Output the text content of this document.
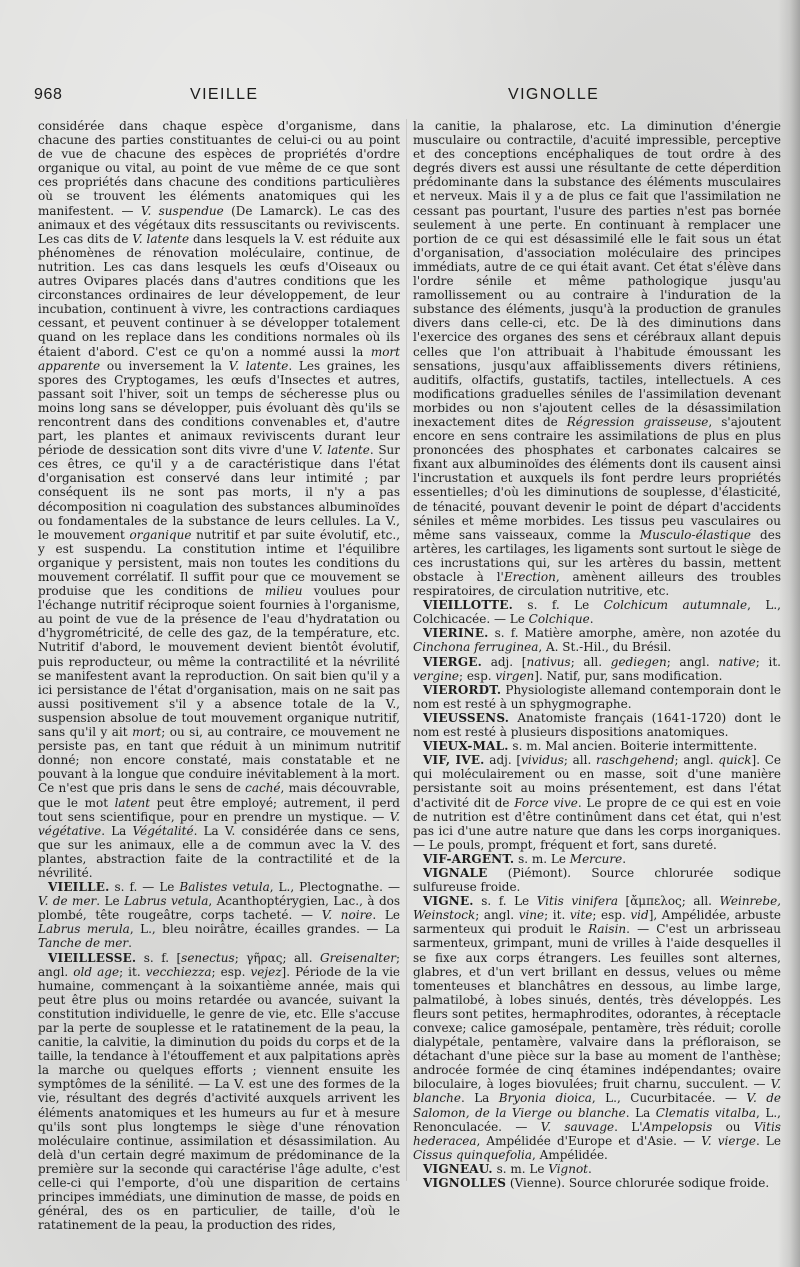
968	VIEILLE	VIGNOLLE

considérée dans chaque espèce d'organisme, dans chacune des parties constituantes de celui-ci ou au point de vue de chacune des espèces de propriétés d'ordre organique ou vital, au point de vue même de ce que sont ces propriétés dans chacune des conditions particulières où se trouvent les éléments anatomiques qui les manifestent. — V. suspendue (De Lamarck). Le cas des animaux et des végétaux dits ressuscitants ou reviviscents. Les cas dits de V. latente dans lesquels la V. est réduite aux phénomènes de rénovation moléculaire, continue, de nutrition. Les cas dans lesquels les œufs d'Oiseaux ou autres Ovipares placés dans d'autres conditions que les circonstances ordinaires de leur développement, de leur incubation, continuent à vivre, les contractions cardiaques cessant, et peuvent continuer à se développer totalement quand on les replace dans les conditions normales où ils étaient d'abord. C'est ce qu'on a nommé aussi la mort apparente ou inversement la V. latente. Les graines, les spores des Cryptogames, les œufs d'Insectes et autres, passant soit l'hiver, soit un temps de sécheresse plus ou moins long sans se développer, puis évoluant dès qu'ils se rencontrent dans des conditions convenables et, d'autre part, les plantes et animaux reviviscents durant leur période de dessication sont dits vivre d'une V. latente. Sur ces êtres, ce qu'il y a de caractéristique dans l'état d'organisation est conservé dans leur intimité ; par conséquent ils ne sont pas morts, il n'y a pas décomposition ni coagulation des substances albuminoïdes ou fondamentales de la substance de leurs cellules. La V., le mouvement organique nutritif et par suite évolutif, etc., y est suspendu. La constitution intime et l'équilibre organique y persistent, mais non toutes les conditions du mouvement corrélatif. Il suffit pour que ce mouvement se produise que les conditions de milieu voulues pour l'échange nutritif réciproque soient fournies à l'organisme, au point de vue de la présence de l'eau d'hydratation ou d'hygrométricité, de celle des gaz, de la température, etc. Nutritif d'abord, le mouvement devient bientôt évolutif, puis reproducteur, ou même la contractilité et la névrilité se manifestent avant la reproduction. On sait bien qu'il y a ici persistance de l'état d'organisation, mais on ne sait pas aussi positivement s'il y a absence totale de la V., suspension absolue de tout mouvement organique nutritif, sans qu'il y ait mort; ou si, au contraire, ce mouvement ne persiste pas, en tant que réduit à un minimum nutritif donné; non encore constaté, mais constatable et ne pouvant à la longue que conduire inévitablement à la mort. Ce n'est que pris dans le sens de caché, mais découvrable, que le mot latent peut être employé; autrement, il perd tout sens scientifique, pour en prendre un mystique. — V. végétative. La Végétalité. La V. considérée dans ce sens, que sur les animaux, elle a de commun avec la V. des plantes, abstraction faite de la contractilité et de la névrilité.

VIEILLE. s. f. — Le Balistes vetula, L., Plectognathe. — V. de mer. Le Labrus vetula, Acanthoptérygien, Lac., à dos plombé, tête rougeâtre, corps tacheté. — V. noire. Le Labrus merula, L., bleu noirâtre, écailles grandes. — La Tanche de mer.

VIEILLESSE. s. f. [senectus; γῆρας; all. Greisenalter; angl. old age; it. vecchiezza; esp. vejez]. Période de la vie humaine, commençant à la soixantième année, mais qui peut être plus ou moins retardée ou avancée, suivant la constitution individuelle, le genre de vie, etc. Elle s'accuse par la perte de souplesse et le ratatinement de la peau, la canitie, la calvitie, la diminution du poids du corps et de la taille, la tendance à l'étouffement et aux palpitations après la marche ou quelques efforts ; viennent ensuite les symptômes de la sénilité. — La V. est une des formes de la vie, résultant des degrés d'activité auxquels arrivent les éléments anatomiques et les humeurs au fur et à mesure qu'ils sont plus longtemps le siège d'une rénovation moléculaire continue, assimilation et désassimilation. Au delà d'un certain degré maximum de prédominance de la première sur la seconde qui caractérise l'âge adulte, c'est celle-ci qui l'emporte, d'où une disparition de certains principes immédiats, une diminution de masse, de poids en général, des os en particulier, de taille, d'où le ratatinement de la peau, la production des rides,

la canitie, la phalarose, etc. La diminution d'énergie musculaire ou contractile, d'acuité impressible, perceptive et des conceptions encéphaliques de tout ordre à des degrés divers est aussi une résultante de cette déperdition prédominante dans la substance des éléments musculaires et nerveux. Mais il y a de plus ce fait que l'assimilation ne cessant pas pourtant, l'usure des parties n'est pas bornée seulement à une perte. En continuant à remplacer une portion de ce qui est désassimilé elle le fait sous un état d'organisation, d'association moléculaire des principes immédiats, autre de ce qui était avant. Cet état s'élève dans l'ordre sénile et même pathologique jusqu'au ramollissement ou au contraire à l'induration de la substance des éléments, jusqu'à la production de granules divers dans celle-ci, etc. De là des diminutions dans l'exercice des organes des sens et cérébraux allant depuis celles que l'on attribuait à l'habitude émoussant les sensations, jusqu'aux affaiblissements divers rétiniens, auditifs, olfactifs, gustatifs, tactiles, intellectuels. A ces modifications graduelles séniles de l'assimilation devenant morbides ou non s'ajoutent celles de la désassimilation inexactement dites de Régression graisseuse, s'ajoutent encore en sens contraire les assimilations de plus en plus prononcées des phosphates et carbonates calcaires se fixant aux albuminoïdes des éléments dont ils causent ainsi l'incrustation et auxquels ils font perdre leurs propriétés essentielles; d'où les diminutions de souplesse, d'élasticité, de ténacité, pouvant devenir le point de départ d'accidents séniles et même morbides. Les tissus peu vasculaires ou même sans vaisseaux, comme la Musculo-élastique des artères, les cartilages, les ligaments sont surtout le siège de ces incrustations qui, sur les artères du bassin, mettent obstacle à l'Erection, amènent ailleurs des troubles respiratoires, de circulation nutritive, etc.

VIEILLOTTE. s. f. Le Colchicum autumnale, L., Colchicacée. — Le Colchique.

VIERINE. s. f. Matière amorphe, amère, non azotée du Cinchona ferruginea, A. St.-Hil., du Brésil.

VIERGE. adj. [nativus; all. gediegen; angl. native; it. vergine; esp. virgen]. Natif, pur, sans modification.

VIERORDT. Physiologiste allemand contemporain dont le nom est resté à un sphygmographe.

VIEUSSENS. Anatomiste français (1641-1720) dont le nom est resté à plusieurs dispositions anatomiques.

VIEUX-MAL. s. m. Mal ancien. Boiterie intermittente.

VIF, IVE. adj. [vividus; all. raschgehend; angl. quick]. Ce qui moléculairement ou en masse, soit d'une manière persistante soit au moins présentement, est dans l'état d'activité dit de Force vive. Le propre de ce qui est en voie de nutrition est d'être continûment dans cet état, qui n'est pas ici d'une autre nature que dans les corps inorganiques. — Le pouls, prompt, fréquent et fort, sans dureté.

VIF-ARGENT. s. m. Le Mercure.

VIGNALE (Piémont). Source chlorurée sodique sulfureuse froide.

VIGNE. s. f. Le Vitis vinifera [ἄμπελος; all. Weinrebe, Weinstock; angl. vine; it. vite; esp. vid], Ampélidée, arbuste sarmenteux qui produit le Raisin. — C'est un arbrisseau sarmenteux, grimpant, muni de vrilles à l'aide desquelles il se fixe aux corps étrangers. Les feuilles sont alternes, glabres, et d'un vert brillant en dessus, velues ou même tomenteuses et blanchâtres en dessous, au limbe large, palmatilobé, à lobes sinués, dentés, très développés. Les fleurs sont petites, hermaphrodites, odorantes, à réceptacle convexe; calice gamosépale, pentamère, très réduit; corolle dialypétale, pentamère, valvaire dans la préfloraison, se détachant d'une pièce sur la base au moment de l'anthèse; androcée formée de cinq étamines indépendantes; ovaire biloculaire, à loges biovulées; fruit charnu, succulent. — V. blanche. La Bryonia dioica, L., Cucurbitacée. — V. de Salomon, de la Vierge ou blanche. La Clematis vitalba, L., Renonculacée. — V. sauvage. L'Ampelopsis ou Vitis hederacea, Ampélidée d'Europe et d'Asie. — V. vierge. Le Cissus quinquefolia, Ampélidée.

VIGNEAU. s. m. Le Vignot.

VIGNOLLES (Vienne). Source chlorurée sodique froide.
